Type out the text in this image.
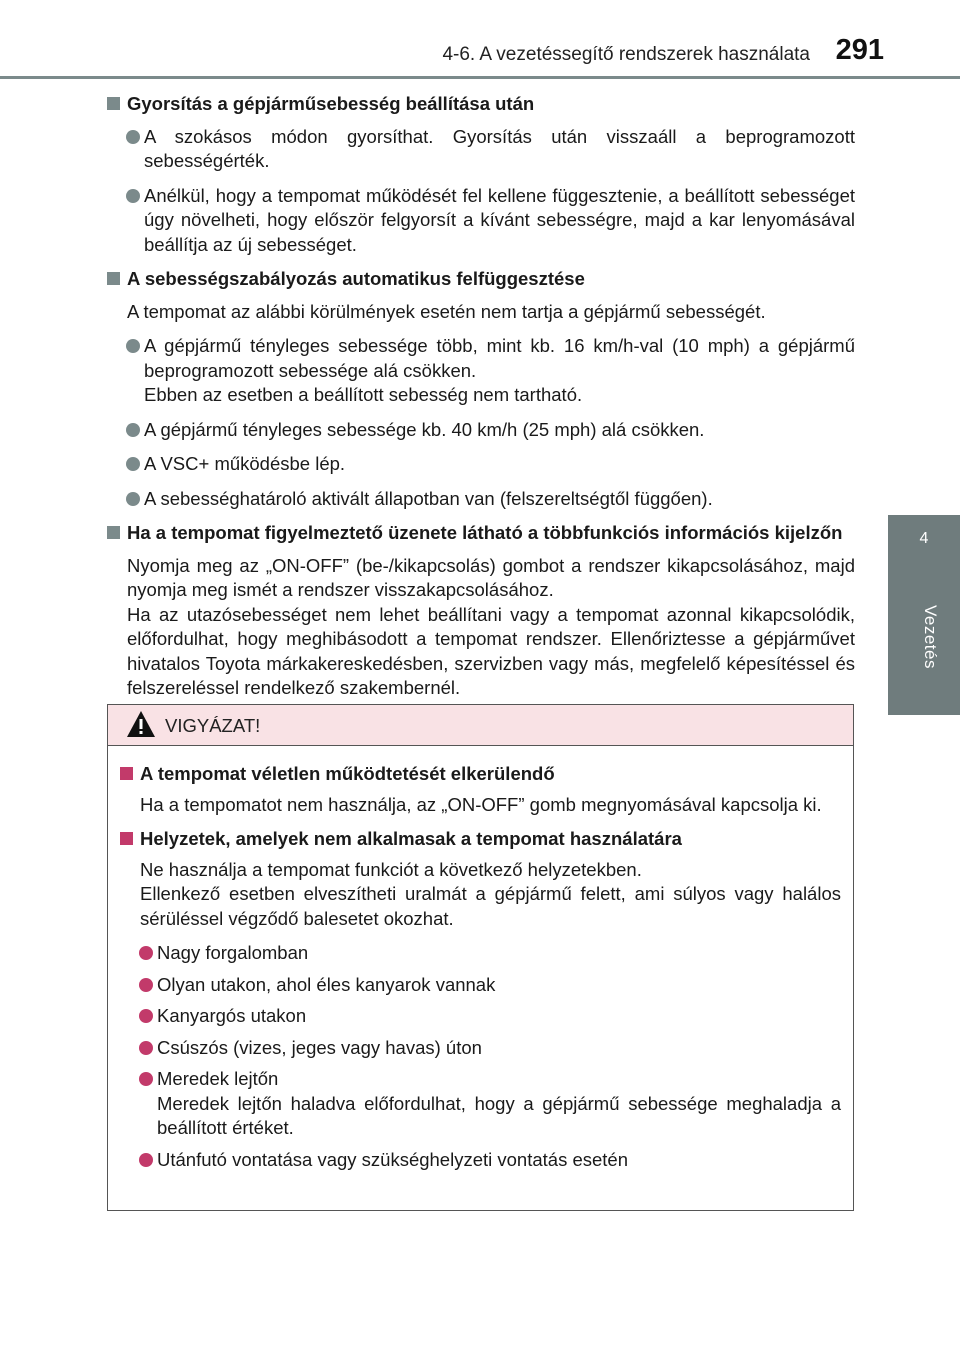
4-6. A vezetéssegítő rendszerek használata 291
4
Vezetés
Gyorsítás a gépjárműsebesség beállítása után
A szokásos módon gyorsíthat. Gyorsítás után visszaáll a beprogramozott sebességérték.
Anélkül, hogy a tempomat működését fel kellene függesztenie, a beállított sebességet úgy növelheti, hogy először felgyorsít a kívánt sebességre, majd a kar lenyomásával beállítja az új sebességet.
A sebességszabályozás automatikus felfüggesztése
A tempomat az alábbi körülmények esetén nem tartja a gépjármű sebességét.
A gépjármű tényleges sebessége több, mint kb. 16 km/h-val (10 mph) a gépjármű beprogramozott sebessége alá csökken.
Ebben az esetben a beállított sebesség nem tartható.
A gépjármű tényleges sebessége kb. 40 km/h (25 mph) alá csökken.
A VSC+ működésbe lép.
A sebességhatároló aktivált állapotban van (felszereltségtől függően).
Ha a tempomat figyelmeztető üzenete látható a többfunkciós információs kijelzőn
Nyomja meg az „ON-OFF” (be-/kikapcsolás) gombot a rendszer kikapcsolásához, majd nyomja meg ismét a rendszer visszakapcsolásához.
Ha az utazósebességet nem lehet beállítani vagy a tempomat azonnal kikapcsolódik, előfordulhat, hogy meghibásodott a tempomat rendszer. Ellenőriztesse a gépjárművet hivatalos Toyota márkakereskedésben, szervizben vagy más, megfelelő képesítéssel és felszereléssel rendelkező szakembernél.
VIGYÁZAT!
A tempomat véletlen működtetését elkerülendő
Ha a tempomatot nem használja, az „ON-OFF” gomb megnyomásával kapcsolja ki.
Helyzetek, amelyek nem alkalmasak a tempomat használatára
Ne használja a tempomat funkciót a következő helyzetekben.
Ellenkező esetben elveszítheti uralmát a gépjármű felett, ami súlyos vagy halálos sérüléssel végződő balesetet okozhat.
Nagy forgalomban
Olyan utakon, ahol éles kanyarok vannak
Kanyargós utakon
Csúszós (vizes, jeges vagy havas) úton
Meredek lejtőn
Meredek lejtőn haladva előfordulhat, hogy a gépjármű sebessége meghaladja a beállított értéket.
Utánfutó vontatása vagy szükséghelyzeti vontatás esetén
